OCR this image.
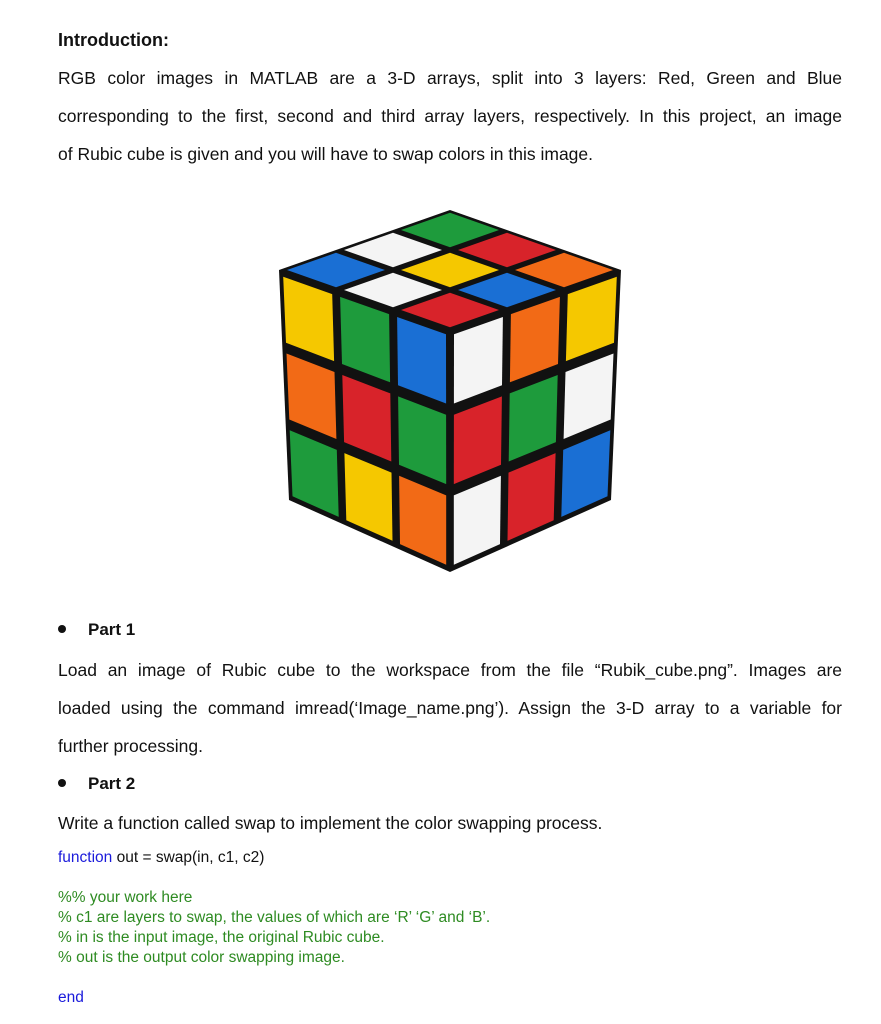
Introduction:
RGB color images in MATLAB are a 3-D arrays, split into 3 layers: Red, Green and Blue
corresponding to the first, second and third array layers, respectively. In this project, an image
of Rubic cube is given and you will have to swap colors in this image.
Part 1
Load an image of Rubic cube to the workspace from the file “Rubik_cube.png”. Images are
loaded using the command imread(‘Image_name.png’). Assign the 3-D array to a variable for
further processing.
Part 2
Write a function called swap to implement the color swapping process.
function out = swap(in, c1, c2)
%% your work here
% c1 are layers to swap, the values of which are ‘R’ ‘G’ and ‘B’.
% in is the input image, the original Rubic cube.
% out is the output color swapping image.
end
